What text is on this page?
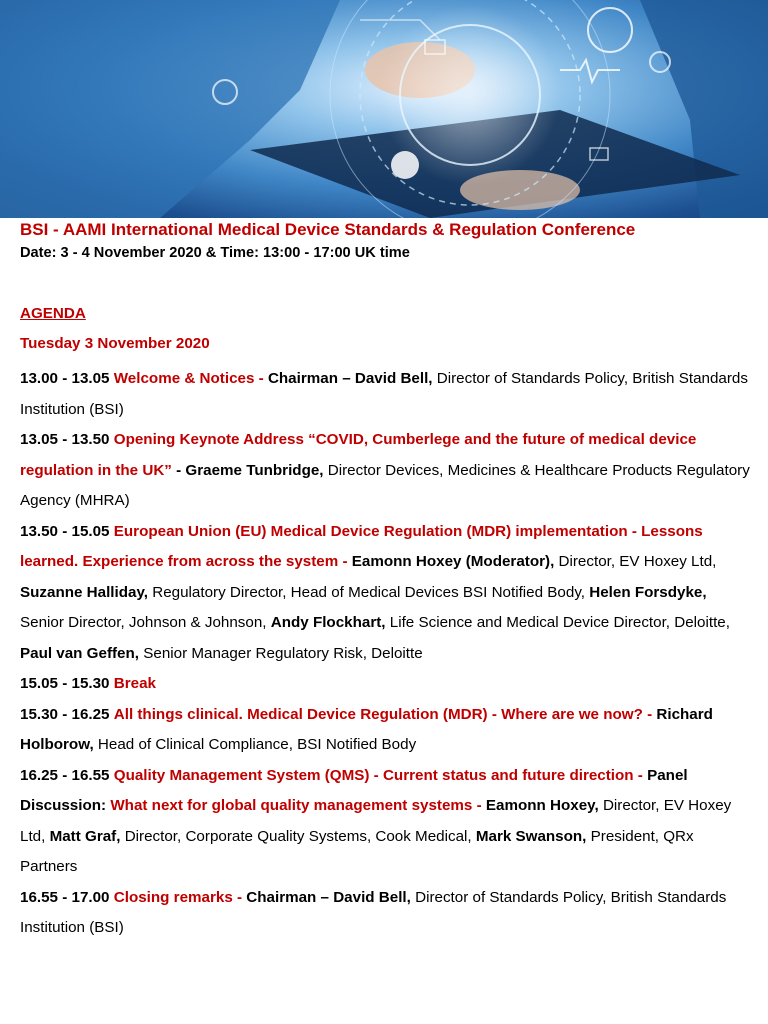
BSI - AAMI International Medical Device Standards & Regulation Conference
Date: 3 - 4 November 2020 & Time: 13:00 - 17:00 UK time
AGENDA
Tuesday 3 November 2020
13.00 - 13.05 Welcome & Notices - Chairman – David Bell, Director of Standards Policy, British Standards Institution (BSI)
13.05 - 13.50 Opening Keynote Address “COVID, Cumberlege and the future of medical device regulation in the UK” - Graeme Tunbridge, Director Devices, Medicines & Healthcare Products Regulatory Agency (MHRA)
13.50 - 15.05 European Union (EU) Medical Device Regulation (MDR) implementation - Lessons learned. Experience from across the system - Eamonn Hoxey (Moderator), Director, EV Hoxey Ltd, Suzanne Halliday, Regulatory Director, Head of Medical Devices BSI Notified Body, Helen Forsdyke, Senior Director, Johnson & Johnson, Andy Flockhart, Life Science and Medical Device Director, Deloitte, Paul van Geffen, Senior Manager Regulatory Risk, Deloitte
15.05 - 15.30 Break
15.30 - 16.25 All things clinical. Medical Device Regulation (MDR) - Where are we now? - Richard Holborow, Head of Clinical Compliance, BSI Notified Body
16.25 - 16.55 Quality Management System (QMS) - Current status and future direction - Panel Discussion: What next for global quality management systems - Eamonn Hoxey, Director, EV Hoxey Ltd, Matt Graf, Director, Corporate Quality Systems, Cook Medical, Mark Swanson, President, QRx Partners
16.55 - 17.00 Closing remarks - Chairman – David Bell, Director of Standards Policy, British Standards Institution (BSI)
